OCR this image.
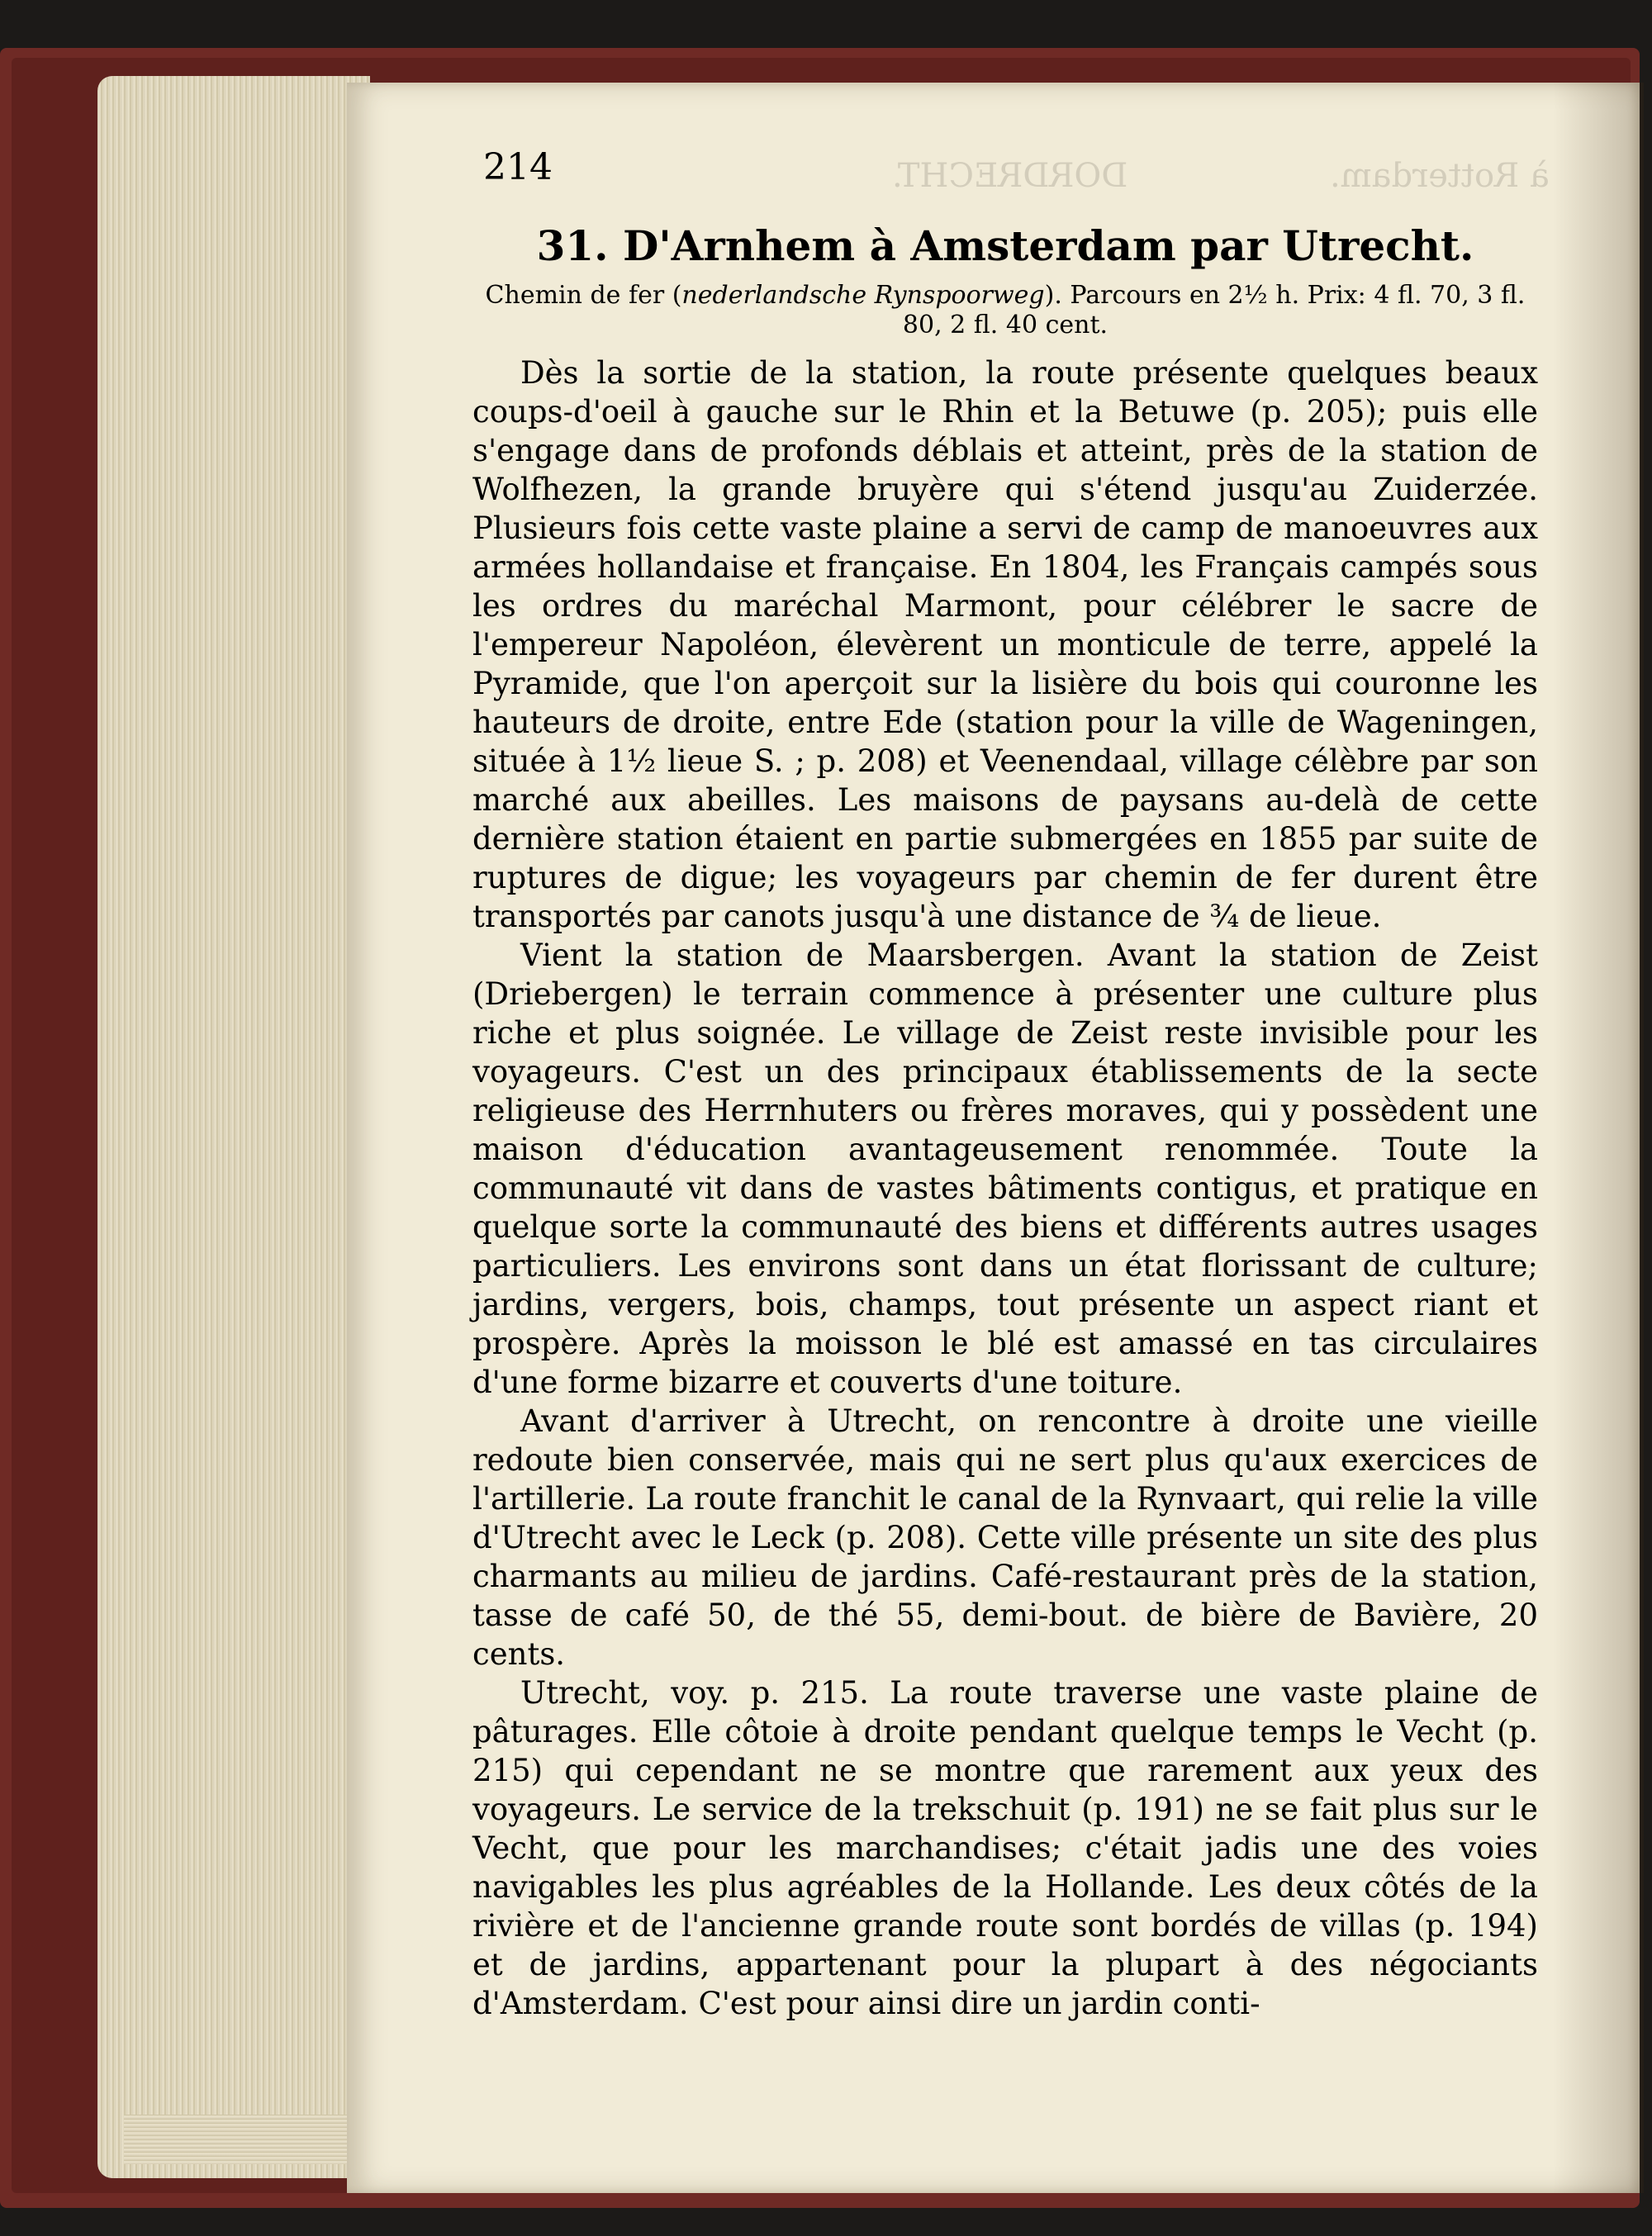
DORDRECHT.	à Rotterdam.
214
31. D'Arnhem à Amsterdam par Utrecht.
Chemin de fer (nederlandsche Rynspoorweg). Parcours en 2½ h. Prix: 4 fl. 70, 3 fl. 80, 2 fl. 40 cent.

Dès la sortie de la station, la route présente quelques beaux coups-d'oeil à gauche sur le Rhin et la Betuwe (p. 205); puis elle s'engage dans de profonds déblais et atteint, près de la station de Wolfhezen, la grande bruyère qui s'étend jusqu'au Zuiderzée. Plusieurs fois cette vaste plaine a servi de camp de manoeuvres aux armées hollandaise et française. En 1804, les Français campés sous les ordres du maréchal Marmont, pour célébrer le sacre de l'empereur Napoléon, élevèrent un monticule de terre, appelé la Pyramide, que l'on aperçoit sur la lisière du bois qui couronne les hauteurs de droite, entre Ede (station pour la ville de Wageningen, située à 1½ lieue S. ; p. 208) et Veenendaal, village célèbre par son marché aux abeilles. Les maisons de paysans au-delà de cette dernière station étaient en partie submergées en 1855 par suite de ruptures de digue; les voyageurs par chemin de fer durent être transportés par canots jusqu'à une distance de ¾ de lieue.

Vient la station de Maarsbergen. Avant la station de Zeist (Driebergen) le terrain commence à présenter une culture plus riche et plus soignée. Le village de Zeist reste invisible pour les voyageurs. C'est un des principaux établissements de la secte religieuse des Herrnhuters ou frères moraves, qui y possèdent une maison d'éducation avantageusement renommée. Toute la communauté vit dans de vastes bâtiments contigus, et pratique en quelque sorte la communauté des biens et différents autres usages particuliers. Les environs sont dans un état florissant de culture; jardins, vergers, bois, champs, tout présente un aspect riant et prospère. Après la moisson le blé est amassé en tas circulaires d'une forme bizarre et couverts d'une toiture.

Avant d'arriver à Utrecht, on rencontre à droite une vieille redoute bien conservée, mais qui ne sert plus qu'aux exercices de l'artillerie. La route franchit le canal de la Rynvaart, qui relie la ville d'Utrecht avec le Leck (p. 208). Cette ville présente un site des plus charmants au milieu de jardins. Café-restaurant près de la station, tasse de café 50, de thé 55, demi-bout. de bière de Bavière, 20 cents.

Utrecht, voy. p. 215. La route traverse une vaste plaine de pâturages. Elle côtoie à droite pendant quelque temps le Vecht (p. 215) qui cependant ne se montre que rarement aux yeux des voyageurs. Le service de la trekschuit (p. 191) ne se fait plus sur le Vecht, que pour les marchandises; c'était jadis une des voies navigables les plus agréables de la Hollande. Les deux côtés de la rivière et de l'ancienne grande route sont bordés de villas (p. 194) et de jardins, appartenant pour la plupart à des négociants d'Amsterdam. C'est pour ainsi dire un jardin conti-
